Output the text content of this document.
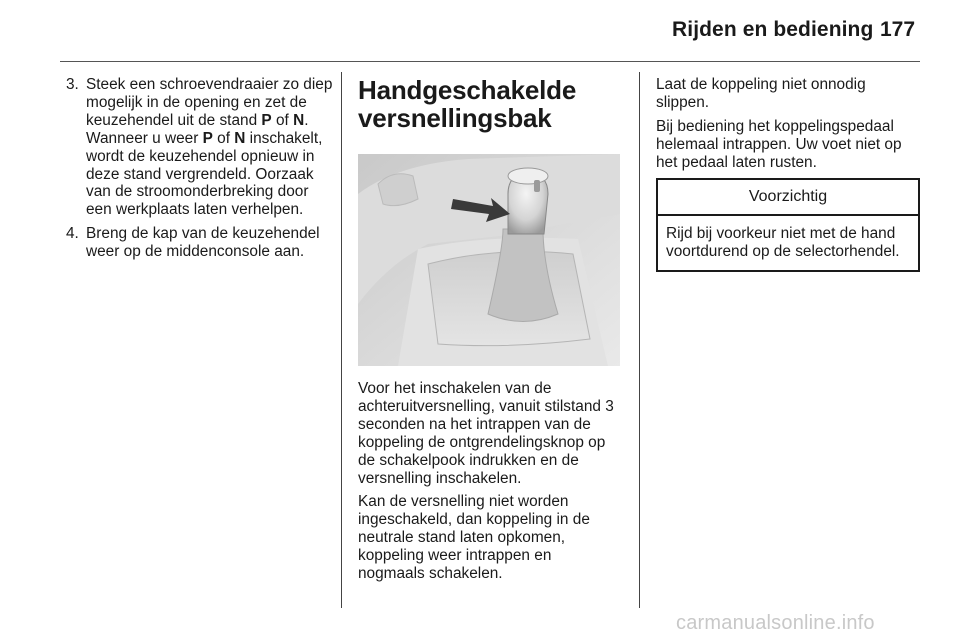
Rijden en bediening 177
3. Steek een schroevendraaier zo diep mogelijk in de opening en zet de keuzehendel uit de stand P of N. Wanneer u weer P of N inschakelt, wordt de keuzehendel opnieuw in deze stand vergrendeld. Oorzaak van de stroomonderbreking door een werkplaats laten verhelpen.
4. Breng de kap van de keuzehendel weer op de middenconsole aan.
Handgeschakelde versnellingsbak

Voor het inschakelen van de achteruitversnelling, vanuit stilstand 3 seconden na het intrappen van de koppeling de ontgrendelingsknop op de schakelpook indrukken en de versnelling inschakelen.

Kan de versnelling niet worden ingeschakeld, dan koppeling in de neutrale stand laten opkomen, koppeling weer intrappen en nogmaals schakelen.

Laat de koppeling niet onnodig slippen.

Bij bediening het koppelingspedaal helemaal intrappen. Uw voet niet op het pedaal laten rusten.

Voorzichtig
Rijd bij voorkeur niet met de hand voortdurend op de selectorhendel.
carmanualsonline.info
